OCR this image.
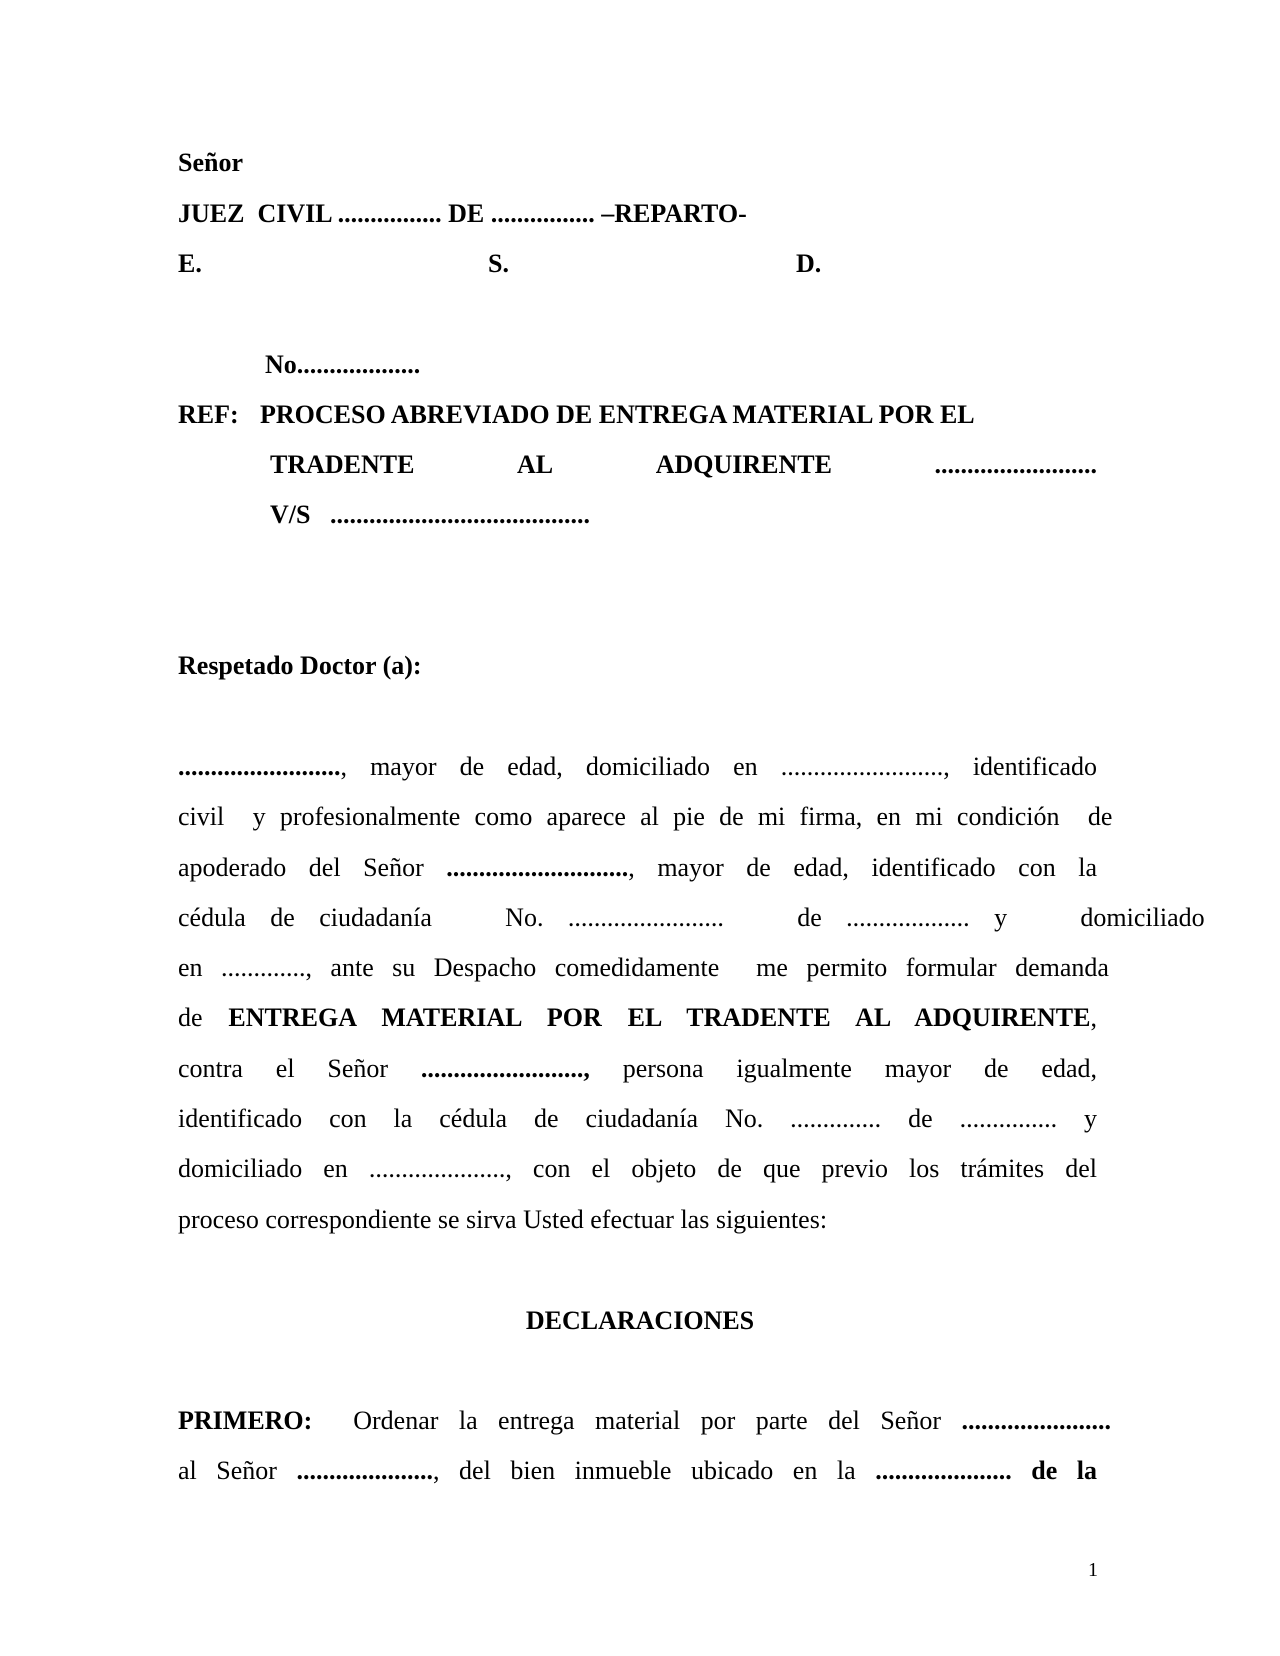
Señor
JUEZ  CIVIL ................ DE ................ –REPARTO-
E.	S.	D.
No...................
REF: PROCESO ABREVIADO DE ENTREGA MATERIAL POR EL
TRADENTE	AL	ADQUIRENTE	.........................
V/S   ........................................
Respetado Doctor (a):
........................., mayor de edad, domiciliado en ........................., identificado
civil  y profesionalmente como aparece al pie de mi firma, en mi condición  de
apoderado del Señor ............................, mayor de edad, identificado con la
cédula de ciudadanía   No. ........................   de ................... y   domiciliado
en ............., ante su Despacho comedidamente  me permito formular demanda
de ENTREGA MATERIAL POR EL TRADENTE AL ADQUIRENTE,
contra el Señor ........................., persona igualmente mayor de edad,
identificado con la cédula de ciudadanía No. .............. de ............... y
domiciliado en ....................., con el objeto de que previo los trámites del
proceso correspondiente se sirva Usted efectuar las siguientes:
DECLARACIONES
PRIMERO:  Ordenar la entrega material por parte del Señor .......................
al Señor ....................., del bien inmueble ubicado en la ..................... de la
1
